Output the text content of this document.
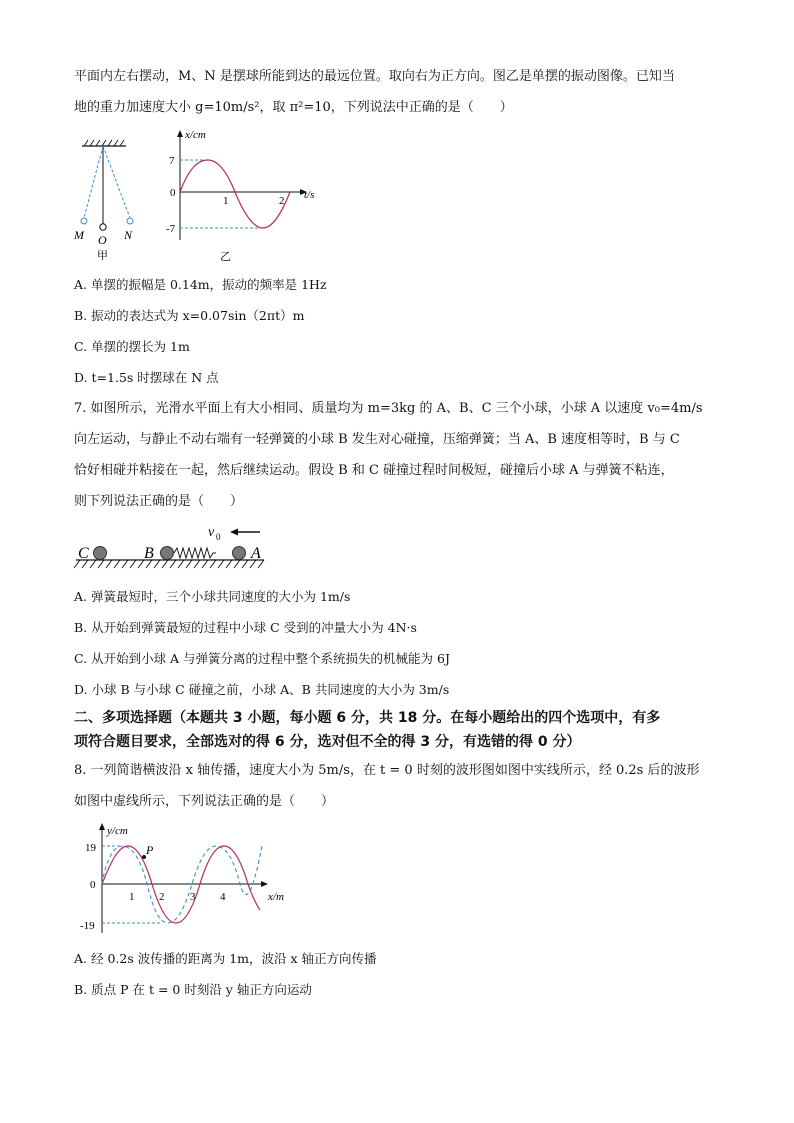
平面内左右摆动，M、N 是摆球所能到达的最远位置。取向右为正方向。图乙是单摆的振动图像。已知当
地的重力加速度大小 g=10m/s²，取 π²=10，下列说法中正确的是（　　）
M O N
甲
x/cm
t/s
7
-7
0
1	2
乙
A. 单摆的振幅是 0.14m，振动的频率是 1Hz
B. 振动的表达式为 x=0.07sin（2πt）m
C. 单摆的摆长为 1m
D. t=1.5s 时摆球在 N 点
7. 如图所示，光滑水平面上有大小相同、质量均为 m=3kg 的 A、B、C 三个小球，小球 A 以速度 v₀=4m/s
向左运动，与静止不动右端有一轻弹簧的小球 B 发生对心碰撞，压缩弹簧；当 A、B 速度相等时，B 与 C
恰好相碰并粘接在一起，然后继续运动。假设 B 和 C 碰撞过程时间极短，碰撞后小球 A 与弹簧不粘连，
则下列说法正确的是（　　）
v 0
C	B	A
A. 弹簧最短时，三个小球共同速度的大小为 1m/s
B. 从开始到弹簧最短的过程中小球 C 受到的冲量大小为 4N·s
C. 从开始到小球 A 与弹簧分离的过程中整个系统损失的机械能为 6J
D. 小球 B 与小球 C 碰撞之前，小球 A、B 共同速度的大小为 3m/s
二、多项选择题（本题共 3 小题，每小题 6 分，共 18 分。在每小题给出的四个选项中，有多
项符合题目要求，全部选对的得 6 分，选对但不全的得 3 分，有选错的得 0 分）
8. 一列简谐横波沿 x 轴传播，速度大小为 5m/s，在 t = 0 时刻的波形图如图中实线所示，经 0.2s 后的波形
如图中虚线所示，下列说法正确的是（　　）
y/cm
x/m
19
-19
0
1 2 3 4
P
A. 经 0.2s 波传播的距离为 1m，波沿 x 轴正方向传播
B. 质点 P 在 t = 0 时刻沿 y 轴正方向运动
